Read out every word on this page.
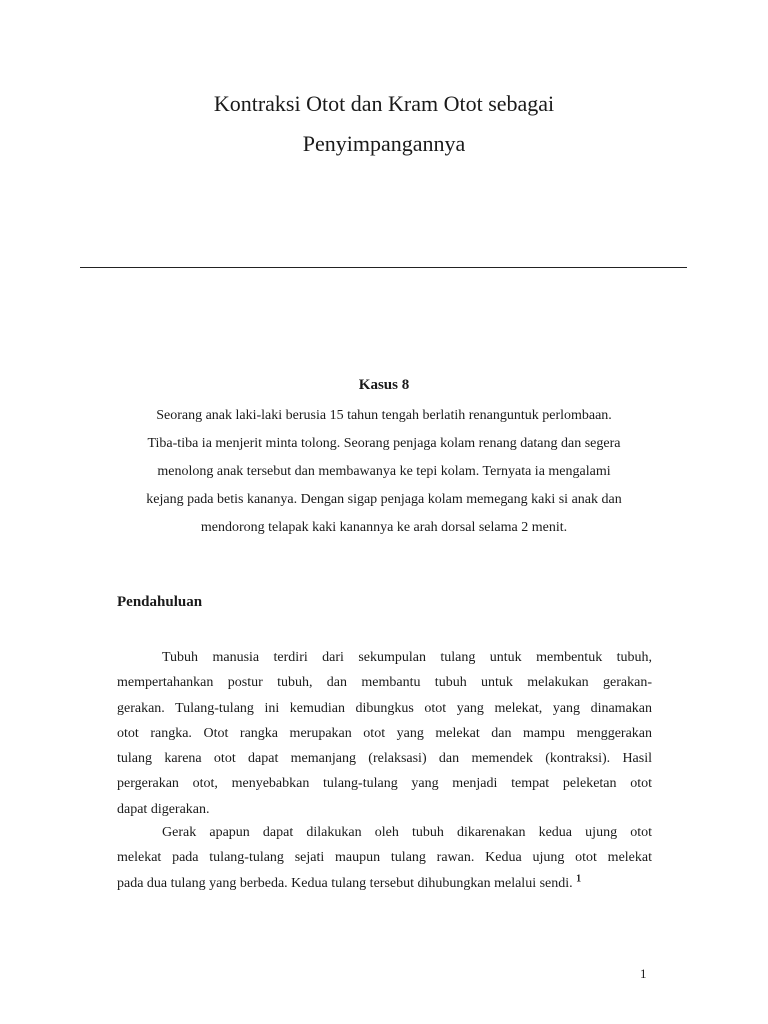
Kontraksi Otot dan Kram Otot sebagai
Penyimpangannya
Kasus 8
Seorang anak laki-laki berusia 15 tahun tengah berlatih renanguntuk perlombaan.
Tiba-tiba ia menjerit minta tolong. Seorang penjaga kolam renang datang dan segera
menolong anak tersebut dan membawanya ke tepi kolam. Ternyata ia mengalami
kejang pada betis kananya. Dengan sigap penjaga kolam memegang kaki si anak dan
mendorong telapak kaki kanannya ke arah dorsal selama 2 menit.
Pendahuluan
Tubuh manusia terdiri dari sekumpulan tulang untuk membentuk tubuh,
mempertahankan postur tubuh, dan membantu tubuh untuk melakukan gerakan-
gerakan. Tulang-tulang ini kemudian dibungkus otot yang melekat, yang dinamakan
otot rangka. Otot rangka merupakan otot yang melekat dan mampu menggerakan
tulang karena otot dapat memanjang (relaksasi) dan memendek (kontraksi). Hasil
pergerakan otot, menyebabkan tulang-tulang yang menjadi tempat peleketan otot
dapat digerakan.
Gerak apapun dapat dilakukan oleh tubuh dikarenakan kedua ujung otot
melekat pada tulang-tulang sejati maupun tulang rawan. Kedua ujung otot melekat
pada dua tulang yang berbeda. Kedua tulang tersebut dihubungkan melalui sendi. $^1$
1
